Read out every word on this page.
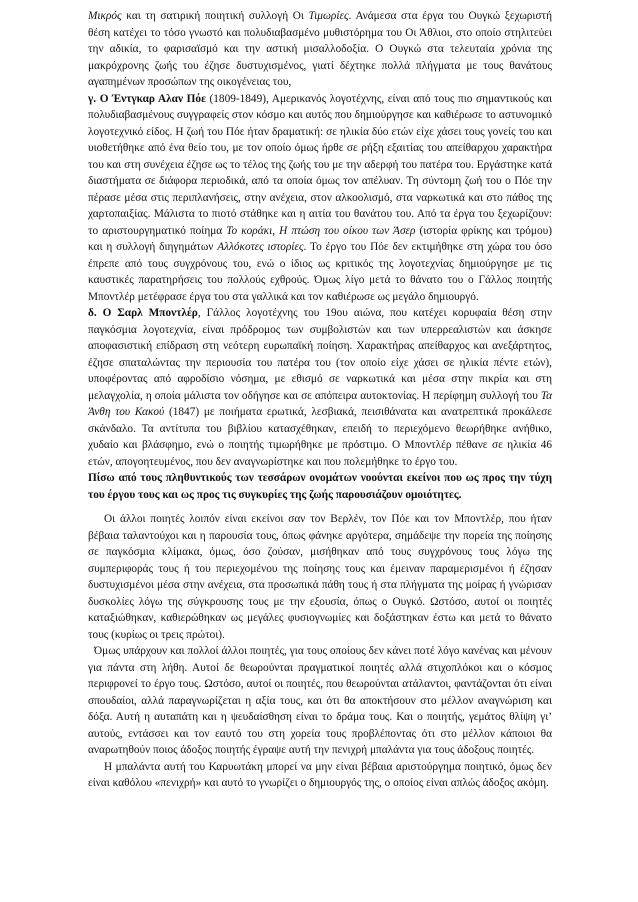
Μικρός και τη σατιρική ποιητική συλλογή Οι Τιμωρίες. Ανάμεσα στα έργα του Ουγκώ ξεχωριστή θέση κατέχει το τόσο γνωστό και πολυδιαβασμένο μυθιστόρημα του Οι Άθλιοι, στο οποίο στηλιτεύει την αδικία, το φαρισαϊσμό και την αστική μισαλλοδοξία. Ο Ουγκώ στα τελευταία χρόνια της μακρόχρονης ζωής του έζησε δυστυχισμένος, γιατί δέχτηκε πολλά πλήγματα με τους θανάτους αγαπημένων προσώπων της οικογένειας του,

γ. Ο Έντγκαρ Αλαν Πόε (1809-1849), Αμερικανός λογοτέχνης, είναι από τους πιο σημαντικούς και πολυδιαβασμένους συγγραφείς στον κόσμο και αυτός που δημιούργησε και καθιέρωσε το αστυνομικό λογοτεχνικό είδος. Η ζωή του Πόε ήταν δραματική: σε ηλικία δύο ετών είχε χάσει τους γονείς του και υιοθετήθηκε από ένα θείο του, με τον οποίο όμως ήρθε σε ρήξη εξαιτίας του απείθαρχου χαρακτήρα του και στη συνέχεια έζησε ως το τέλος της ζωής του με την αδερφή του πατέρα του. Εργάστηκε κατά διαστήματα σε διάφορα περιοδικά, από τα οποία όμως τον απέλυαν. Τη σύντομη ζωή του ο Πόε την πέρασε μέσα στις περιπλανήσεις, στην ανέχεια, στον αλκοολισμό, στα ναρκωτικά και στο πάθος της χαρτοπαιξίας. Μάλιστα το πιοτό στάθηκε και η αιτία του θανάτου του. Από τα έργα του ξεχωρίζουν: το αριστουργηματικό ποίημα Το κοράκι, Η πτώση του οίκου των Άσερ (ιστορία φρίκης και τρόμου) και η συλλογή διηγημάτων Αλλόκοτες ιστορίες. Το έργο του Πόε δεν εκτιμήθηκε στη χώρα του όσο έπρεπε από τους συγχρόνους του, ενώ ο ίδιος ως κριτικός της λογοτεχνίας δημιούργησε με τις καυστικές παρατηρήσεις του πολλούς εχθρούς. Όμως λίγο μετά το θάνατο του ο Γάλλος ποιητής Μποντλέρ μετέφρασε έργα του στα γαλλικά και τον καθιέρωσε ως μεγάλο δημιουργό.

δ. Ο Σαρλ Μποντλέρ, Γάλλος λογοτέχνης του 19ου αιώνα, που κατέχει κορυφαία θέση στην παγκόσμια λογοτεχνία, είναι πρόδρομος των συμβολιστών και των υπερρεαλιστών και άσκησε αποφασιστική επίδραση στη νεότερη ευρωπαϊκή ποίηση. Χαρακτήρας απείθαρχος και ανεξάρτητος, έζησε σπαταλώντας την περιουσία του πατέρα του (τον οποίο είχε χάσει σε ηλικία πέντε ετών), υποφέροντας από αφροδίσιο νόσημα, με εθισμό σε ναρκωτικά και μέσα στην πικρία και στη μελαγχολία, η οποία μάλιστα τον οδήγησε και σε απόπειρα αυτοκτονίας. Η περίφημη συλλογή του Τα Άνθη του Κακού (1847) με ποιήματα ερωτικά, λεσβιακά, πεισιθάνατα και ανατρεπτικά προκάλεσε σκάνδαλο. Τα αντίτυπα του βιβλίου κατασχέθηκαν, επειδή το περιεχόμενο θεωρήθηκε ανήθικο, χυδαίο και βλάσφημο, ενώ ο ποιητής τιμωρήθηκε με πρόστιμο. Ο Μποντλέρ πέθανε σε ηλικία 46 ετών, απογοητευμένος, που δεν αναγνωρίστηκε και που πολεμήθηκε το έργο του.

Πίσω από τους πληθυντικούς των τεσσάρων ονομάτων νοούνται εκείνοι που ως προς την τύχη του έργου τους και ως προς τις συγκυρίες της ζωής παρουσιάζουν ομοιότητες.

Οι άλλοι ποιητές λοιπόν είναι εκείνοι σαν τον Βερλέν, τον Πόε και τον Μποντλέρ, που ήταν βέβαια ταλαντούχοι και η παρουσία τους, όπως φάνηκε αργότερα, σημάδεψε την πορεία της ποίησης σε παγκόσμια κλίμακα, όμως, όσο ζούσαν, μισήθηκαν από τους συγχρόνους τους λόγω της συμπεριφοράς τους ή του περιεχομένου της ποίησης τους και έμειναν παραμερισμένοι ή έζησαν δυστυχισμένοι μέσα στην ανέχεια, στα προσωπικά πάθη τους ή στα πλήγματα της μοίρας ή γνώρισαν δυσκολίες λόγω της σύγκρουσης τους με την εξουσία, όπως ο Ουγκό. Ωστόσο, αυτοί οι ποιητές καταξιώθηκαν, καθιερώθηκαν ως μεγάλες φυσιογνωμίες και δοξάστηκαν έστω και μετά το θάνατο τους (κυρίως οι τρεις πρώτοι).

Όμως υπάρχουν και πολλοί άλλοι ποιητές, για τους οποίους δεν κάνει ποτέ λόγο κανένας και μένουν για πάντα στη λήθη. Αυτοί δε θεωρούνται πραγματικοί ποιητές αλλά στιχοπλόκοι και ο κόσμος περιφρονεί το έργο τους. Ωστόσο, αυτοί οι ποιητές, που θεωρούνται ατάλαντοι, φαντάζονται ότι είναι σπουδαίοι, αλλά παραγνωρίζεται η αξία τους, και ότι θα αποκτήσουν στο μέλλον αναγνώριση και δόξα. Αυτή η αυταπάτη και η ψευδαίσθηση είναι το δράμα τους. Και ο ποιητής, γεμάτος θλίψη γι’ αυτούς, εντάσσει και τον εαυτό του στη χορεία τους προβλέποντας ότι στο μέλλον κάποιοι θα αναρωτηθούν ποιος άδοξος ποιητής έγραψε αυτή την πενιχρή μπαλάντα για τους άδοξους ποιητές.

Η μπαλάντα αυτή του Καρυωτάκη μπορεί να μην είναι βέβαια αριστούργημα ποιητικό, όμως δεν είναι καθόλου «πενιχρή» και αυτό το γνωρίζει ο δημιουργός της, ο οποίος είναι απλώς άδοξος ακόμη.
